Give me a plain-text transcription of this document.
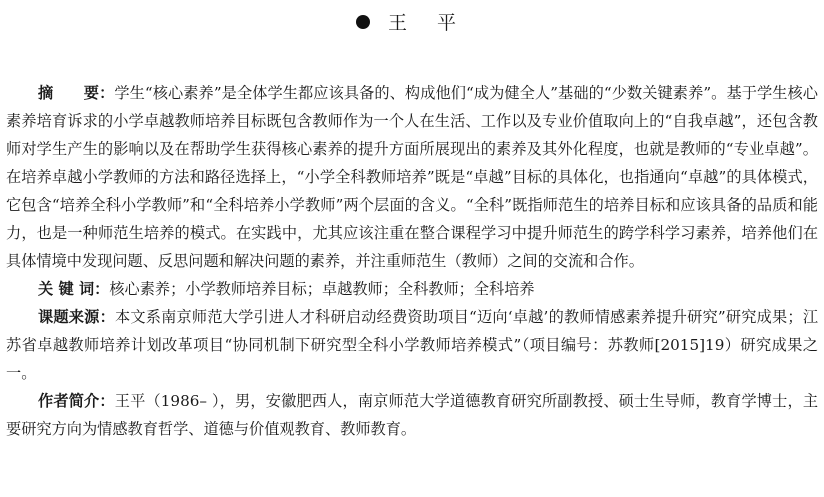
王 平

摘　　要：学生“核心素养”是全体学生都应该具备的、构成他们“成为健全人”基础的“少数关键素养”。基于学生核心素养培育诉求的小学卓越教师培养目标既包含教师作为一个人在生活、工作以及专业价值取向上的“自我卓越”，还包含教师对学生产生的影响以及在帮助学生获得核心素养的提升方面所展现出的素养及其外化程度，也就是教师的“专业卓越”。在培养卓越小学教师的方法和路径选择上，“小学全科教师培养”既是“卓越”目标的具体化，也指通向“卓越”的具体模式，它包含“培养全科小学教师”和“全科培养小学教师”两个层面的含义。“全科”既指师范生的培养目标和应该具备的品质和能力，也是一种师范生培养的模式。在实践中，尤其应该注重在整合课程学习中提升师范生的跨学科学习素养，培养他们在具体情境中发现问题、反思问题和解决问题的素养，并注重师范生（教师）之间的交流和合作。

关 键 词：核心素养；小学教师培养目标；卓越教师；全科教师；全科培养

课题来源：本文系南京师范大学引进人才科研启动经费资助项目“迈向‘卓越’的教师情感素养提升研究”研究成果；江苏省卓越教师培养计划改革项目“协同机制下研究型全科小学教师培养模式”（项目编号：苏教师[2015]19）研究成果之一。

作者简介：王平（1986– ），男，安徽肥西人，南京师范大学道德教育研究所副教授、硕士生导师，教育学博士，主要研究方向为情感教育哲学、道德与价值观教育、教师教育。
